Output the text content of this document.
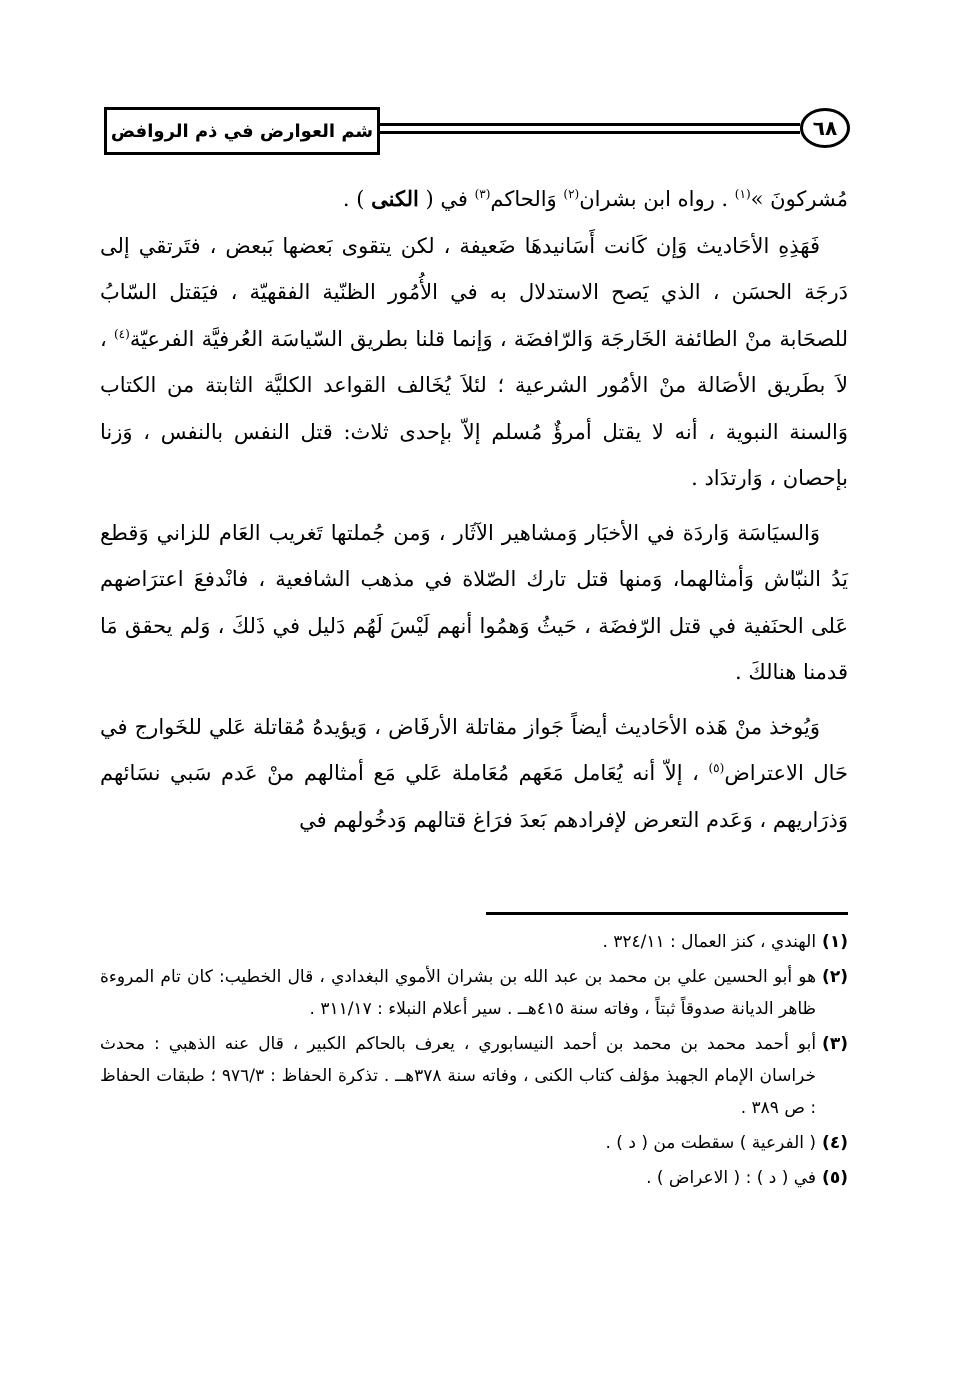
شم العوارض في ذم الروافض	٦٨

مُشركونَ »$^{(١)}$ . رواه ابن بشران$^{(٢)}$ وَالحاكم$^{(٣)}$ في ( الكنى ) .

فَهَذِهِ الأحَاديث وَإن كَانت أَسَانيدهَا ضَعيفة ، لكن يتقوى بَعضها بَبعض ، فتَرتقي إلى دَرجَة الحسَن ، الذي يَصح الاستدلال به في الأُمُور الظنّية الفقهيّة ، فيَقتل السّابُ للصحَابة منْ الطائفة الخَارجَة وَالرّافضَة ، وَإنما قلنا بطريق السّياسَة العُرفيَّة الفرعيّة$^{(٤)}$ ، لاَ بطَريق الأصَالة منْ الأمُور الشرعية ؛ لئلاَ يُخَالف القواعد الكليَّة الثابتة من الكتاب وَالسنة النبوية ، أنه لا يقتل أمرؤٌ مُسلم إلاّ بإحدى ثلاث: قتل النفس بالنفس ، وَزنا بإحصان ، وَارتدَاد .

وَالسيَاسَة وَاردَة في الأخبَار وَمشاهير الآثَار ، وَمن جُملتها تَغريب العَام للزاني وَقطع يَدُ النبّاش وَأمثالهما، وَمنها قتل تارك الصّلاة في مذهب الشافعية ، فانْدفعَ اعترَاضهم عَلى الحنَفية في قتل الرّفضَة ، حَيثُ وَهمُوا أنهم لَيْسَ لَهُم دَليل في ذَلكَ ، وَلم يحقق مَا قدمنا هنالكَ .

وَيُوخذ منْ هَذه الأحَاديث أيضاً جَواز مقاتلة الأرفَاض ، وَيؤيدهُ مُقاتلة عَلي للخَوارج في حَال الاعتراض$^{(٥)}$ ، إلاّ أنه يُعَامل مَعَهم مُعَاملة عَلي مَع أمثالهم منْ عَدم سَبي نسَائهم وَذرَاريهم ، وَعَدم التعرض لإفرادهم بَعدَ فرَاغ قتالهم وَدخُولهم في

(١)
الهندي ، كنز العمال : ٣٢٤/١١ .
(٢)
هو أبو الحسين علي بن محمد بن عبد الله بن بشران الأموي البغدادي ، قال الخطيب: كان تام المروءة ظاهر الديانة صدوقاً ثبتاً ، وفاته سنة ٤١٥هــ . سير أعلام النبلاء : ٣١١/١٧ .
(٣)
أبو أحمد محمد بن محمد بن أحمد النيسابوري ، يعرف بالحاكم الكبير ، قال عنه الذهبي : محدث خراسان الإمام الجهبذ مؤلف كتاب الكنى ، وفاته سنة ٣٧٨هــ . تذكرة الحفاظ : ٩٧٦/٣ ؛ طبقات الحفاظ : ص ٣٨٩ .
(٤)
( الفرعية ) سقطت من ( د ) .
(٥)
في ( د ) : ( الاعراض ) .
